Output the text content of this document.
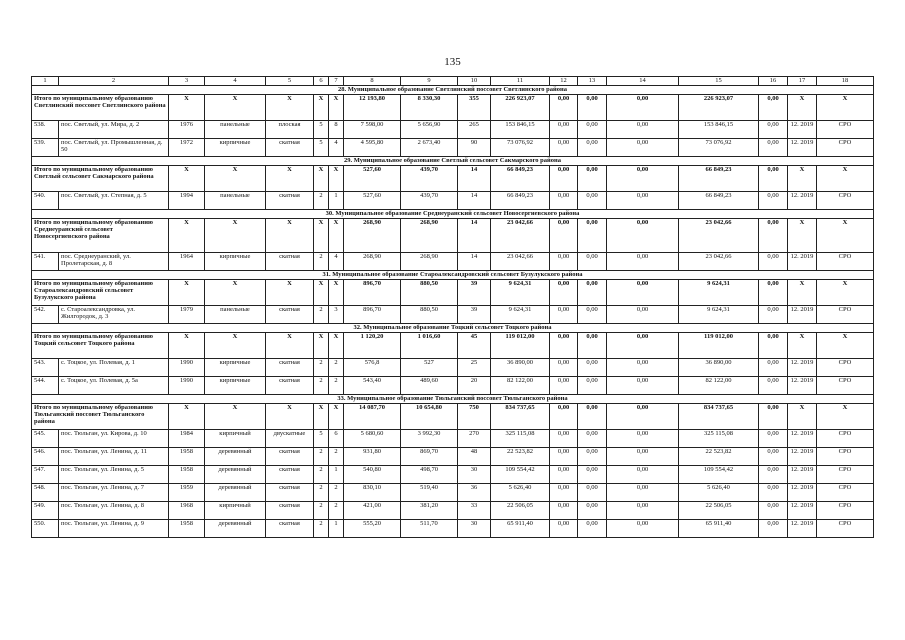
135
1	2	3	4	5	6	7	8	9	10	11	12	13	14	15	16	17	18
28. Муниципальное образование Светлинский поссовет Светлинского района																	
Итого по муниципальному образованию Светлинский поссовет Светлинского района		X	X	X	X	X	12 193,80	8 330,30	355	226 923,07	0,00	0,00	0,00	226 923,07	0,00	X	X
538.	пос. Светлый, ул. Мира, д. 2	1976	панельные	плоская	5	8	7 598,00	5 656,90	265	153 846,15	0,00	0,00	0,00	153 846,15	0,00	12. 2019	СРО
539.	пос. Светлый, ул. Промышленная, д. 50	1972	кирпичные	скатная	5	4	4 595,80	2 673,40	90	73 076,92	0,00	0,00	0,00	73 076,92	0,00	12. 2019	СРО
29. Муниципальное образование Светлый сельсовет Сакмарского района																	
Итого по муниципальному образованию Светлый сельсовет Сакмарского района		X	X	X	X	X	527,60	439,70	14	66 849,23	0,00	0,00	0,00	66 849,23	0,00	X	X
540.	пос. Светлый, ул. Степная, д. 5	1994	панельные	скатная	2	1	527,60	439,70	14	66 849,23	0,00	0,00	0,00	66 849,23	0,00	12. 2019	СРО
30. Муниципальное образование Среднеуранский сельсовет Новосергиевского района																	
Итого по муниципальному образованию Среднеуранский сельсовет Новосергиевского района		X	X	X	X	X	268,90	268,90	14	23 042,66	0,00	0,00	0,00	23 042,66	0,00	X	X
541.	пос. Среднеуранский, ул. Пролетарская, д. 8	1964	кирпичные	скатная	2	4	268,90	268,90	14	23 042,66	0,00	0,00	0,00	23 042,66	0,00	12. 2019	СРО
31. Муниципальное образование Староалександровский сельсовет Бузулукского района																	
Итого по муниципальному образованию Староалександровский сельсовет Бузулукского района		X	X	X	X	X	896,70	880,50	39	9 624,31	0,00	0,00	0,00	9 624,31	0,00	X	X
542.	с. Староалександровка, ул. Жилгородок, д. 3	1979	панельные	скатная	2	3	896,70	880,50	39	9 624,31	0,00	0,00	0,00	9 624,31	0,00	12. 2019	СРО
32. Муниципальное образование Тоцкий сельсовет Тоцкого района																	
Итого по муниципальному образованию Тоцкий сельсовет Тоцкого района		X	X	X	X	X	1 120,20	1 016,60	45	119 012,00	0,00	0,00	0,00	119 012,00	0,00	X	X
543.	с. Тоцкое, ул. Полевая, д. 1	1990	кирпичные	скатная	2	2	576,8	527	25	36 890,00	0,00	0,00	0,00	36 890,00	0,00	12. 2019	СРО
544.	с. Тоцкое, ул. Полевая, д. 5а	1990	кирпичные	скатная	2	2	543,40	489,60	20	82 122,00	0,00	0,00	0,00	82 122,00	0,00	12. 2019	СРО
33. Муниципальное образование Тюльганский поссовет Тюльганского района																	
Итого по муниципальному образованию Тюльганский поссовет Тюльганского района		X	X	X	X	X	14 087,70	10 654,80	750	834 737,65	0,00	0,00	0,00	834 737,65	0,00	X	X
545.	пос. Тюльган, ул. Кирова, д. 10	1984	кирпичный	двускатные	5	6	5 680,60	3 992,30	270	325 115,08	0,00	0,00	0,00	325 115,08	0,00	12. 2019	СРО
546.	пос. Тюльган, ул. Ленина, д. 11	1958	деревянный	скатная	2	2	931,80	869,70	48	22 523,82	0,00	0,00	0,00	22 523,82	0,00	12. 2019	СРО
547.	пос. Тюльган, ул. Ленина, д. 5	1958	деревянный	скатная	2	1	540,80	498,70	30	109 554,42	0,00	0,00	0,00	109 554,42	0,00	12. 2019	СРО
548.	пос. Тюльган, ул. Ленина, д. 7	1959	деревянный	скатная	2	2	830,10	519,40	36	5 626,40	0,00	0,00	0,00	5 626,40	0,00	12. 2019	СРО
549.	пос. Тюльган, ул. Ленина, д. 8	1968	кирпичный	скатная	2	2	421,00	381,20	33	22 506,05	0,00	0,00	0,00	22 506,05	0,00	12. 2019	СРО
550.	пос. Тюльган, ул. Ленина, д. 9	1958	деревянный	скатная	2	1	555,20	511,70	30	65 911,40	0,00	0,00	0,00	65 911,40	0,00	12. 2019	СРО
